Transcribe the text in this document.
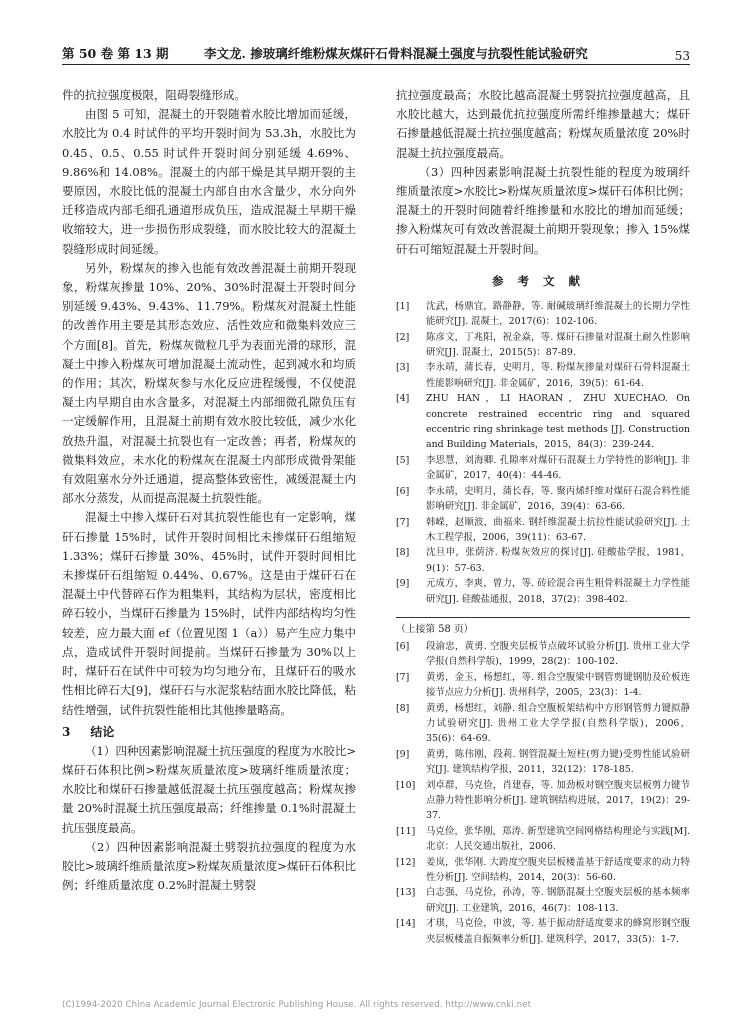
第 50 卷 第 13 期	李文龙. 掺玻璃纤维粉煤灰煤矸石骨料混凝土强度与抗裂性能试验研究	53

件的抗拉强度极限，阻碍裂缝形成。

由图 5 可知，混凝土的开裂随着水胶比增加而延缓，水胶比为 0.4 时试件的平均开裂时间为 53.3h，水胶比为 0.45、0.5、0.55 时试件开裂时间分别延缓 4.69%、9.86%和 14.08%。混凝土的内部干燥是其早期开裂的主要原因，水胶比低的混凝土内部自由水含量少，水分向外迁移造成内部毛细孔通道形成负压，造成混凝土早期干燥收缩较大，进一步损伤形成裂缝，而水胶比较大的混凝土裂缝形成时间延缓。

另外，粉煤灰的掺入也能有效改善混凝土前期开裂现象，粉煤灰掺量 10%、20%、30%时混凝土开裂时间分别延缓 9.43%、9.43%、11.79%。粉煤灰对混凝土性能的改善作用主要是其形态效应、活性效应和微集料效应三个方面[8]。首先，粉煤灰微粒几乎为表面光滑的球形，混凝土中掺入粉煤灰可增加混凝土流动性，起到减水和均质的作用；其次，粉煤灰参与水化反应进程缓慢，不仅使混凝土内早期自由水含量多，对混凝土内部细微孔隙负压有一定缓解作用，且混凝土前期有效水胶比较低，减少水化放热升温，对混凝土抗裂也有一定改善；再者，粉煤灰的微集料效应，未水化的粉煤灰在混凝土内部形成微骨架能有效阻塞水分外迁通道，提高整体致密性，减缓混凝土内部水分蒸发，从而提高混凝土抗裂性能。

混凝土中掺入煤矸石对其抗裂性能也有一定影响，煤矸石掺量 15%时，试件开裂时间相比未掺煤矸石组缩短 1.33%；煤矸石掺量 30%、45%时，试件开裂时间相比未掺煤矸石组缩短 0.44%、0.67%。这是由于煤矸石在混凝土中代替碎石作为粗集料，其结构为层状，密度相比碎石较小，当煤矸石掺量为 15%时，试件内部结构均匀性较差，应力最大面 ef（位置见图 1（a））易产生应力集中点，造成试件开裂时间提前。当煤矸石掺量为 30%以上时，煤矸石在试件中可较为均匀地分布，且煤矸石的吸水性相比碎石大[9]，煤矸石与水泥浆粘结面水胶比降低，粘结性增强，试件抗裂性能相比其他掺量略高。

3 结论

（1）四种因素影响混凝土抗压强度的程度为水胶比>煤矸石体积比例>粉煤灰质量浓度>玻璃纤维质量浓度；水胶比和煤矸石掺量越低混凝土抗压强度越高；粉煤灰掺量 20%时混凝土抗压强度最高；纤维掺量 0.1%时混凝土抗压强度最高。

（2）四种因素影响混凝土劈裂抗拉强度的程度为水胶比>玻璃纤维质量浓度>粉煤灰质量浓度>煤矸石体积比例；纤维质量浓度 0.2%时混凝土劈裂

抗拉强度最高；水胶比越高混凝土劈裂抗拉强度越高，且水胶比越大，达到最优抗拉强度所需纤维掺量越大；煤矸石掺量越低混凝土抗拉强度越高；粉煤灰质量浓度 20%时混凝土抗拉强度最高。

（3）四种因素影响混凝土抗裂性能的程度为玻璃纤维质量浓度>水胶比>粉煤灰质量浓度>煤矸石体积比例；混凝土的开裂时间随着纤维掺量和水胶比的增加而延缓；掺入粉煤灰可有效改善混凝土前期开裂现象；掺入 15%煤矸石可缩短混凝土开裂时间。

参考文献
[1] 沈武，杨鼎宜，路静静，等. 耐碱玻璃纤维混凝土的长期力学性能研究[J]. 混凝土，2017(6)：102-106.
[2] 陈彦文，丁兆阳，祝金焱，等. 煤矸石掺量对混凝土耐久性影响研究[J]. 混凝土，2015(5)：87-89.
[3] 李永靖，蒲长春，史明月，等. 粉煤灰掺量对煤矸石骨料混凝土性能影响研究[J]. 非金属矿，2016，39(5)：61-64.
[4] ZHU HAN，LI HAORAN，ZHU XUECHAO. On concrete restrained eccentric ring and squared eccentric ring shrinkage test methods [J]. Construction and Building Materials，2015，84(3)：239-244.
[5] 李思慧，刘海卿. 孔隙率对煤矸石混凝土力学特性的影响[J]. 非金属矿，2017，40(4)：44-46.
[6] 李永靖，史明月，蒲长春，等. 聚丙烯纤维对煤矸石混合料性能影响研究[J]. 非金属矿，2016，39(4)：63-66.
[7] 韩嵘，赵顺波，曲福来. 钢纤维混凝土抗拉性能试验研究[J]. 土木工程学报，2006，39(11)：63-67.
[8] 沈旦申，张荫济. 粉煤灰效应的探讨[J]. 硅酸盐学报，1981，9(1)：57-63.
[9] 元成方，李爽，曾力，等. 砖砼混合再生粗骨料混凝土力学性能研究[J]. 硅酸盐通报，2018，37(2)：398-402.
（上接第 58 页）
[6] 段渝忠，黄勇. 空腹夹层板节点破坏试验分析[J]. 贵州工业大学学报(自然科学版)，1999，28(2)：100-102.
[7] 黄勇，金玉，杨想红，等. 组合空腹梁中钢管剪键钢肋及砼板连接节点应力分析[J]. 贵州科学，2005，23(3)：1-4.
[8] 黄勇，杨想红，刘静. 组合空腹板架结构中方形钢管剪力键拟静力试验研究[J]. 贵州工业大学学报(自然科学版)，2006，35(6)：64-69.
[9] 黄勇，陈伟刚，段莉. 钢管混凝土短柱(剪力键)受剪性能试验研究[J]. 建筑结构学报，2011，32(12)：178-185.
[10] 刘卓群，马克俭，肖建春，等. 加劲板对钢空腹夹层板剪力键节点静力特性影响分析[J]. 建筑钢结构进展，2017，19(2)：29-37.
[11] 马克俭，张华刚，郑涛. 新型建筑空间网格结构理论与实践[M]. 北京：人民交通出版社，2006.
[12] 姜岚，张华刚. 大跨度空腹夹层板楼盖基于舒适度要求的动力特性分析[J]. 空间结构，2014，20(3)：56-60.
[13] 白志强，马克俭，孙涛，等. 钢筋混凝土空腹夹层板的基本频率研究[J]. 工业建筑，2016，46(7)：108-113.
[14] 才琪，马克俭，申波，等. 基于振动舒适度要求的蜂窝形钢空腹夹层板楼盖自振频率分析[J]. 建筑科学，2017，33(5)：1-7.
(C)1994-2020 China Academic Journal Electronic Publishing House. All rights reserved. http://www.cnki.net
